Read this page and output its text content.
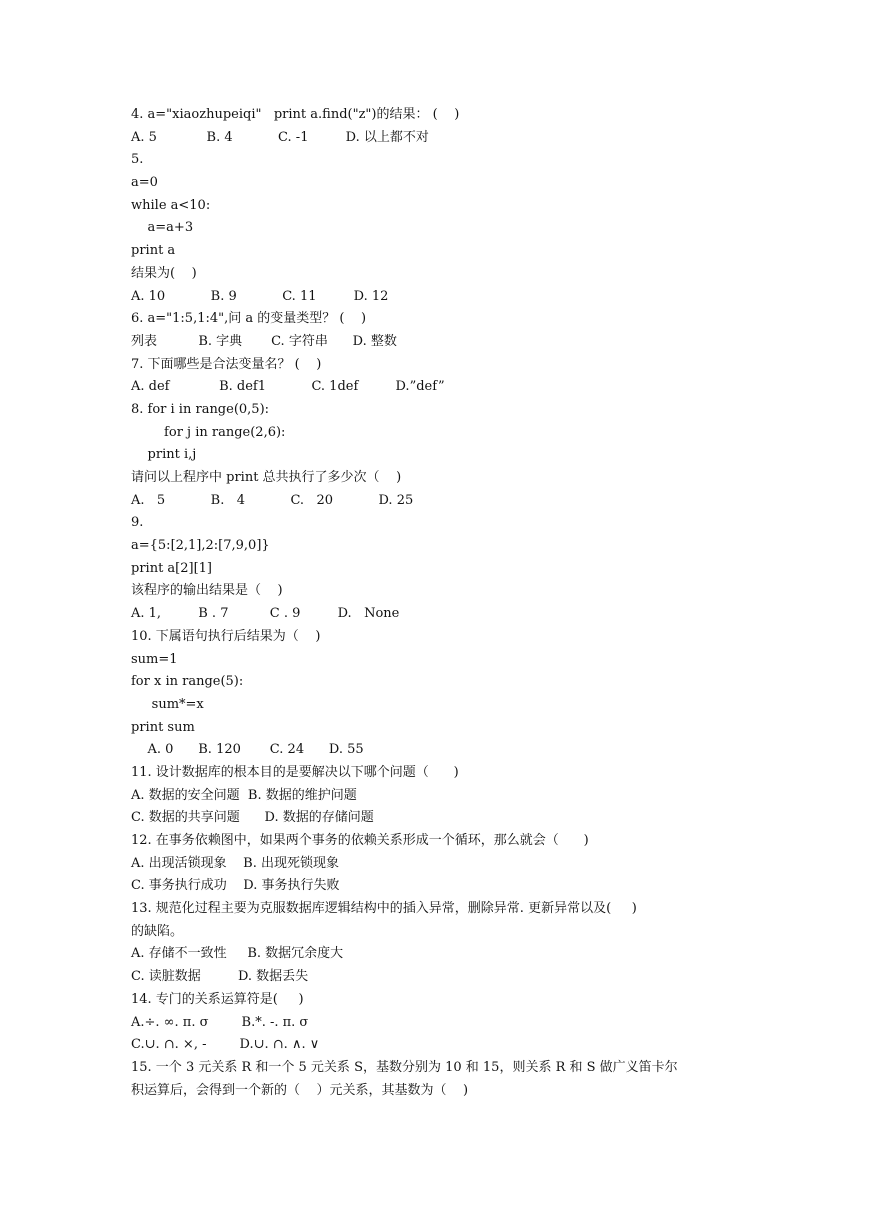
4. a="xiaozhupeiqi"   print a.find("z")的结果： (    )
A. 5            B. 4           C. -1         D. 以上都不对
5.
a=0
while a<10:
a=a+3
print a
结果为(    )
A. 10           B. 9           C. 11         D. 12
6. a="1:5,1:4",问 a 的变量类型？ (    )
列表          B. 字典       C. 字符串      D. 整数
7. 下面哪些是合法变量名？ (    )
A. def            B. def1           C. 1def         D.”def”
8. for i in range(0,5):
for j in range(2,6):
print i,j
请问以上程序中 print 总共执行了多少次（    )
A.   5           B.   4           C.   20           D. 25
9.
a={5:[2,1],2:[7,9,0]}
print a[2][1]
该程序的输出结果是（    )
A. 1,         B . 7          C . 9         D.   None
10. 下属语句执行后结果为（    )
sum=1
for x in range(5):
sum*=x
print sum
A. 0      B. 120       C. 24      D. 55
11. 设计数据库的根本目的是要解决以下哪个问题（      )
A. 数据的安全问题  B. 数据的维护问题
C. 数据的共享问题      D. 数据的存储问题
12. 在事务依赖图中，如果两个事务的依赖关系形成一个循环，那么就会（      )
A. 出现活锁现象    B. 出现死锁现象
C. 事务执行成功    D. 事务执行失败
13. 规范化过程主要为克服数据库逻辑结构中的插入异常，删除异常. 更新异常以及(     )
的缺陷。
A. 存储不一致性     B. 数据冗余度大
C. 读脏数据         D. 数据丢失
14. 专门的关系运算符是(     )
A.÷. ∞. π. σ        B.*. -. π. σ
C.∪. ∩. ×, -        D.∪. ∩. ∧. ∨
15. 一个 3 元关系 R 和一个 5 元关系 S，基数分别为 10 和 15，则关系 R 和 S 做广义笛卡尔
积运算后，会得到一个新的（    ）元关系，其基数为（    )
